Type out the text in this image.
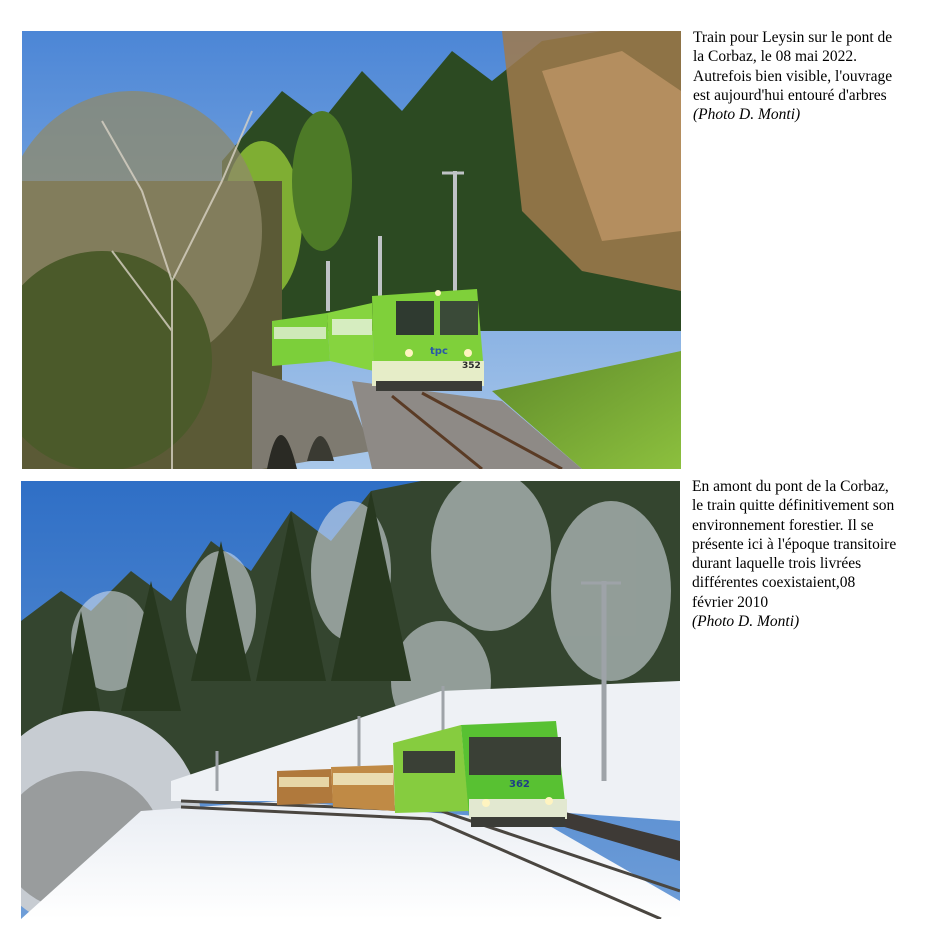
tpc
352
Train pour Leysin sur le pont de la Corbaz, le 08 mai 2022. Autrefois bien visible, l'ouvrage est aujourd'hui entouré d'arbres
(Photo D. Monti)
362
En amont du pont de la Corbaz, le train quitte définitivement son environnement forestier. Il se présente ici à l'époque transitoire durant laquelle trois livrées différentes coexistaient,08 février 2010
(Photo D. Monti)
